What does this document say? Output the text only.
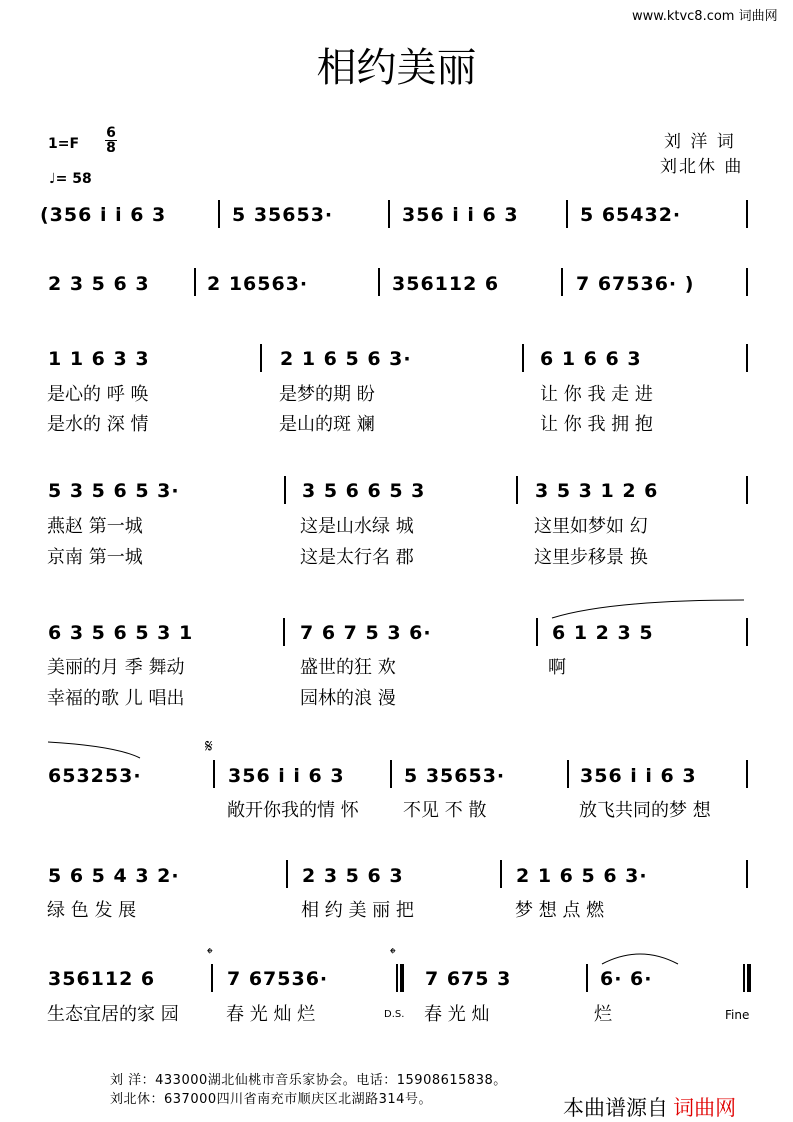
www.ktvc8.com 词曲网
相约美丽
1=F
6
8
♩= 58
刘 洋 词
刘北休 曲
(356 i i 6 3	5 35653·	356 i i 6 3	5 65432·
2 3 5 6 3	2 16563·	356112 6	7 67536· )
1 1 6 3 3	2 1 6 5 6 3·	6 1 6 6 3
是心的 呼 唤	是梦的期 盼	让 你 我 走 进
是水的 深 情	是山的斑 斓	让 你 我 拥 抱
5 3 5 6 5 3·	3 5 6 6 5 3	3 5 3 1 2 6
燕赵 第一城	这是山水绿 城	这里如梦如 幻
京南 第一城	这是太行名 郡	这里步移景 换
6 3 5 6 5 3 1	7 6 7 5 3 6·	6 1 2 3 5
美丽的月 季 舞动	盛世的狂 欢	啊
幸福的歌 儿 唱出	园林的浪 漫
𝄋
653253·	356 i i 6 3	5 35653·	356 i i 6 3
敞开你我的情 怀 不见 不 散	放飞共同的梦 想
5 6 5 4 3 2·	2 3 5 6 3	2 1 6 5 6 3·
绿 色 发 展	相 约 美 丽 把	梦 想 点 燃
𝄌	𝄌
356112 6	7 67536·	7 675 3	6· 6·
生态宜居的家 园	春 光 灿 烂	D.S. 春 光 灿	烂	Fine
刘 洋：433000湖北仙桃市音乐家协会。电话：15908615838。
刘北休：637000四川省南充市顺庆区北湖路314号。	本曲谱源自 词曲网
